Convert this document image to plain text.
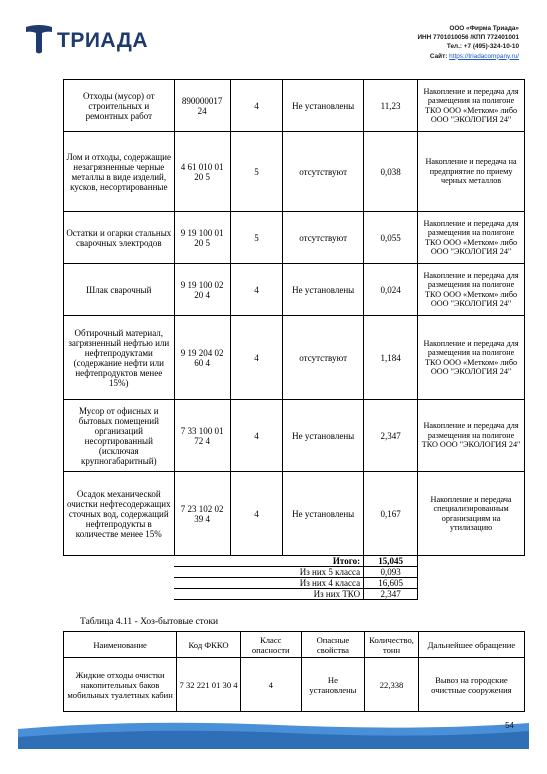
ТРИАДА
ООО «Фирма Триада»
ИНН 7701010056 /КПП 772401001
Тел.: +7 (495)-324-10-10
Сайт: https://triadacompany.ru/
Отходы (мусор) от строительных и ремонтных работ	890000017 24	4	Не установлены	11,23	Накопление и передача для размещения на полигоне ТКО ООО «Метком» либо ООО "ЭКОЛОГИЯ 24"
Лом и отходы, содержащие незагрязненные черные металлы в виде изделий, кусков, несортированные	4 61 010 01 20 5	5	отсутствуют	0,038	Накопление и передача на предприятие по приему черных металлов
Остатки и огарки стальных сварочных электродов	9 19 100 01 20 5	5	отсутствуют	0,055	Накопление и передача для размещения на полигоне ТКО ООО «Метком» либо ООО "ЭКОЛОГИЯ 24"
Шлак сварочный	9 19 100 02 20 4	4	Не установлены	0,024	Накопление и передача для размещения на полигоне ТКО ООО «Метком» либо ООО "ЭКОЛОГИЯ 24"
Обтирочный материал, загрязненный нефтью или нефтепродуктами (содержание нефти или нефтепродуктов менее 15%)	9 19 204 02 60 4	4	отсутствуют	1,184	Накопление и передача для размещения на полигоне ТКО ООО «Метком» либо ООО "ЭКОЛОГИЯ 24"
Мусор от офисных и бытовых помещений организаций несортированный (исключая крупногабаритный)	7 33 100 01 72 4	4	Не установлены	2,347	Накопление и передача для размещения на полигоне ТКО ООО "ЭКОЛОГИЯ 24"
Осадок механической очистки нефтесодержащих сточных вод, содержащий нефтепродукты в количестве менее 15%	7 23 102 02 39 4	4	Не установлены	0,167	Накопление и передача специализированным организациям на утилизацию
	Итого:			15,045	
	Из них 5 класса			0,093	
	Из них 4 класса			16,605	
	Из них ТКО			2,347	
Таблица 4.11 - Хоз-бытовые стоки
Наименование	Код ФККО	Класс опасности	Опасные свойства	Количество, тонн	Дальнейшее обращение
Жидкие отходы очистки накопительных баков мобильных туалетных кабин	7 32 221 01 30 4	4	Не установлены	22,338	Вывоз на городские очистные сооружения
54
